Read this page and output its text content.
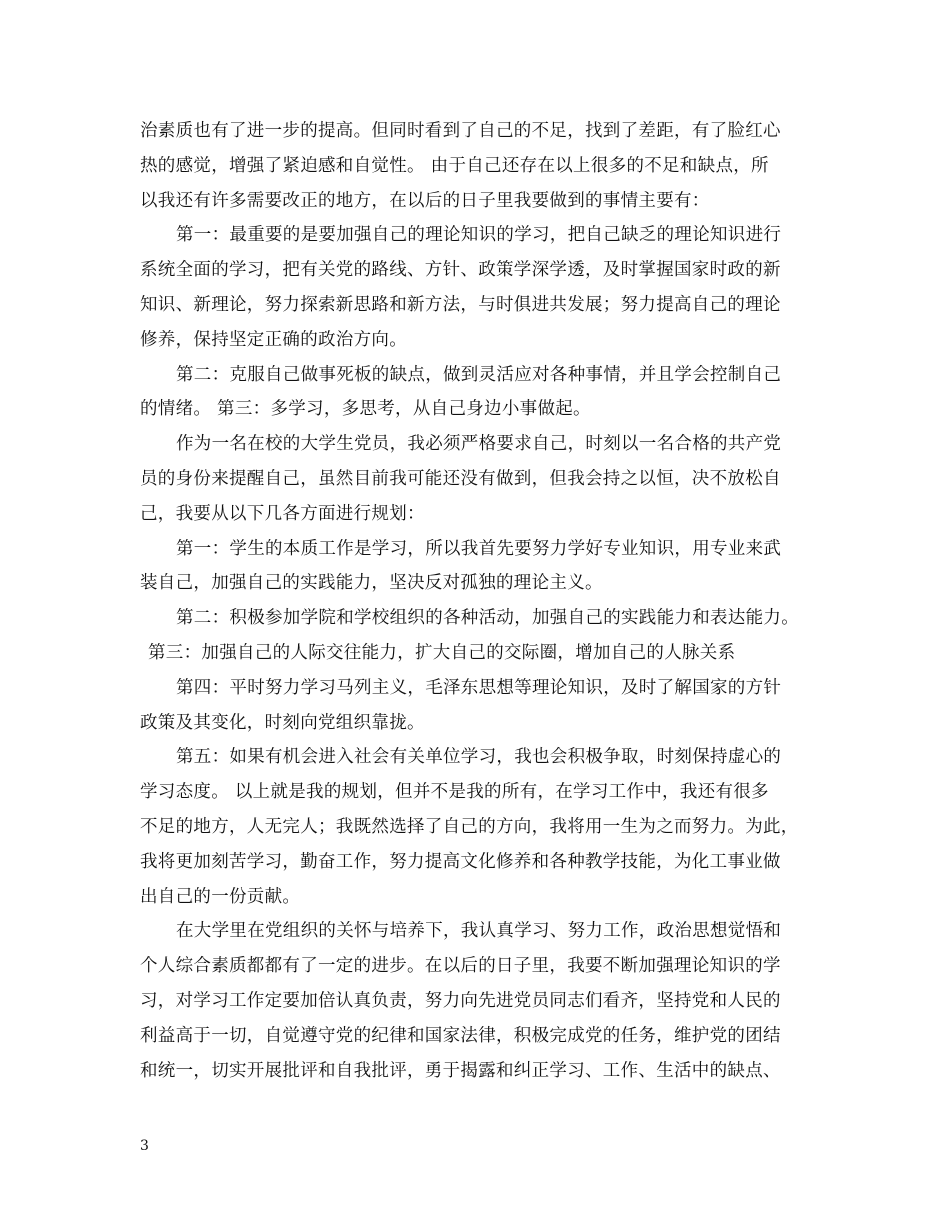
治素质也有了进一步的提高。但同时看到了自己的不足，找到了差距，有了脸红心
热的感觉，增强了紧迫感和自觉性。 由于自己还存在以上很多的不足和缺点，所
以我还有许多需要改正的地方，在以后的日子里我要做到的事情主要有：
第一：最重要的是要加强自己的理论知识的学习，把自己缺乏的理论知识进行
系统全面的学习，把有关党的路线、方针、政策学深学透，及时掌握国家时政的新
知识、新理论，努力探索新思路和新方法，与时俱进共发展；努力提高自己的理论
修养，保持坚定正确的政治方向。
第二：克服自己做事死板的缺点，做到灵活应对各种事情，并且学会控制自己
的情绪。 第三：多学习，多思考，从自己身边小事做起。
作为一名在校的大学生党员，我必须严格要求自己，时刻以一名合格的共产党
员的身份来提醒自己，虽然目前我可能还没有做到，但我会持之以恒，决不放松自
己，我要从以下几各方面进行规划：
第一：学生的本质工作是学习，所以我首先要努力学好专业知识，用专业来武
装自己，加强自己的实践能力，坚决反对孤独的理论主义。
第二：积极参加学院和学校组织的各种活动，加强自己的实践能力和表达能力。
第三：加强自己的人际交往能力，扩大自己的交际圈，增加自己的人脉关系
第四：平时努力学习马列主义，毛泽东思想等理论知识，及时了解国家的方针
政策及其变化，时刻向党组织靠拢。
第五：如果有机会进入社会有关单位学习，我也会积极争取，时刻保持虚心的
学习态度。 以上就是我的规划，但并不是我的所有，在学习工作中，我还有很多
不足的地方，人无完人；我既然选择了自己的方向，我将用一生为之而努力。为此，
我将更加刻苦学习，勤奋工作，努力提高文化修养和各种教学技能，为化工事业做
出自己的一份贡献。
在大学里在党组织的关怀与培养下，我认真学习、努力工作，政治思想觉悟和
个人综合素质都都有了一定的进步。在以后的日子里，我要不断加强理论知识的学
习，对学习工作定要加倍认真负责，努力向先进党员同志们看齐，坚持党和人民的
利益高于一切，自觉遵守党的纪律和国家法律，积极完成党的任务，维护党的团结
和统一，切实开展批评和自我批评，勇于揭露和纠正学习、工作、生活中的缺点、
3
